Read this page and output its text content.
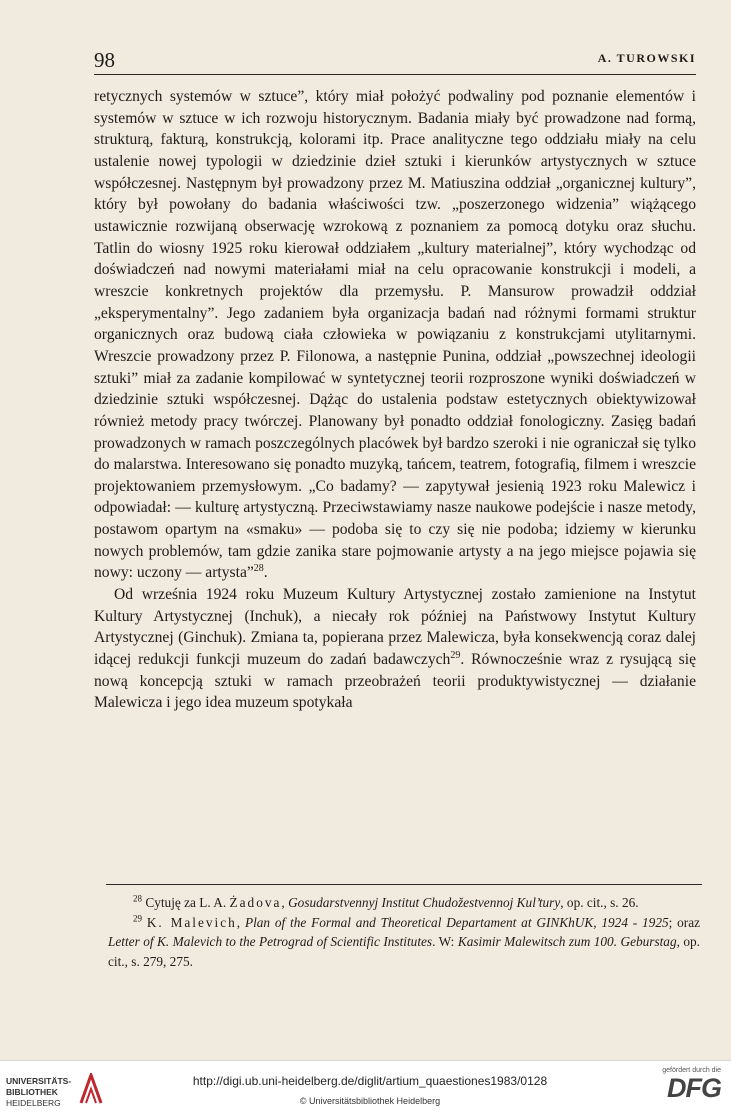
98	A. TUROWSKI

retycznych systemów w sztuce”, który miał położyć podwaliny pod poznanie elementów i systemów w sztuce w ich rozwoju historycznym. Badania miały być prowadzone nad formą, strukturą, fakturą, konstrukcją, kolorami itp. Prace analityczne tego oddziału miały na celu ustalenie nowej typologii w dziedzinie dzieł sztuki i kierunków artystycznych w sztuce współczesnej. Następnym był prowadzony przez M. Matiuszina oddział „organicznej kultury”, który był powołany do badania właściwości tzw. „poszerzonego widzenia” wiążącego ustawicznie rozwijaną obserwację wzrokową z poznaniem za pomocą dotyku oraz słuchu. Tatlin do wiosny 1925 roku kierował oddziałem „kultury materialnej”, który wychodząc od doświadczeń nad nowymi materiałami miał na celu opracowanie konstrukcji i modeli, a wreszcie konkretnych projektów dla przemysłu. P. Mansurow prowadził oddział „eksperymentalny”. Jego zadaniem była organizacja badań nad różnymi formami struktur organicznych oraz budową ciała człowieka w powiązaniu z konstrukcjami utylitarnymi. Wreszcie prowadzony przez P. Filonowa, a następnie Punina, oddział „powszechnej ideologii sztuki” miał za zadanie kompilować w syntetycznej teorii rozproszone wyniki doświadczeń w dziedzinie sztuki współczesnej. Dążąc do ustalenia podstaw estetycznych obiektywizował również metody pracy twórczej. Planowany był ponadto oddział fonologiczny. Zasięg badań prowadzonych w ramach poszczególnych placówek był bardzo szeroki i nie ograniczał się tylko do malarstwa. Interesowano się ponadto muzyką, tańcem, teatrem, fotografią, filmem i wreszcie projektowaniem przemysłowym. „Co badamy? — zapytywał jesienią 1923 roku Malewicz i odpowiadał: — kulturę artystyczną. Przeciwstawiamy nasze naukowe podejście i nasze metody, postawom opartym na «smaku» — podoba się to czy się nie podoba; idziemy w kierunku nowych problemów, tam gdzie zanika stare pojmowanie artysty a na jego miejsce pojawia się nowy: uczony — artysta”$^{28}$.

Od września 1924 roku Muzeum Kultury Artystycznej zostało zamienione na Instytut Kultury Artystycznej (Inchuk), a niecały rok później na Państwowy Instytut Kultury Artystycznej (Ginchuk). Zmiana ta, popierana przez Malewicza, była konsekwencją coraz dalej idącej redukcji funkcji muzeum do zadań badawczych$^{29}$. Równocześnie wraz z rysującą się nową koncepcją sztuki w ramach przeobrażeń teorii produktywistycznej — działanie Malewicza i jego idea muzeum spotykała

$^{28}$ Cytuję za L. A. Żadova, Gosudarstvennyj Institut Chudožestvennoj Kul’tury, op. cit., s. 26.

$^{29}$ K. Malevich, Plan of the Formal and Theoretical Departament at GINKhUK, 1924 - 1925; oraz Letter of K. Malevich to the Petrograd of Scientific Institutes. W: Kasimir Malewitsch zum 100. Geburstag, op. cit., s. 279, 275.

UNIVERSITÄTS-
BIBLIOTHEK
HEIDELBERG
http://digi.ub.uni-heidelberg.de/diglit/artium_quaestiones1983/0128
© Universitätsbibliothek Heidelberg
gefördert durch die
DFG
